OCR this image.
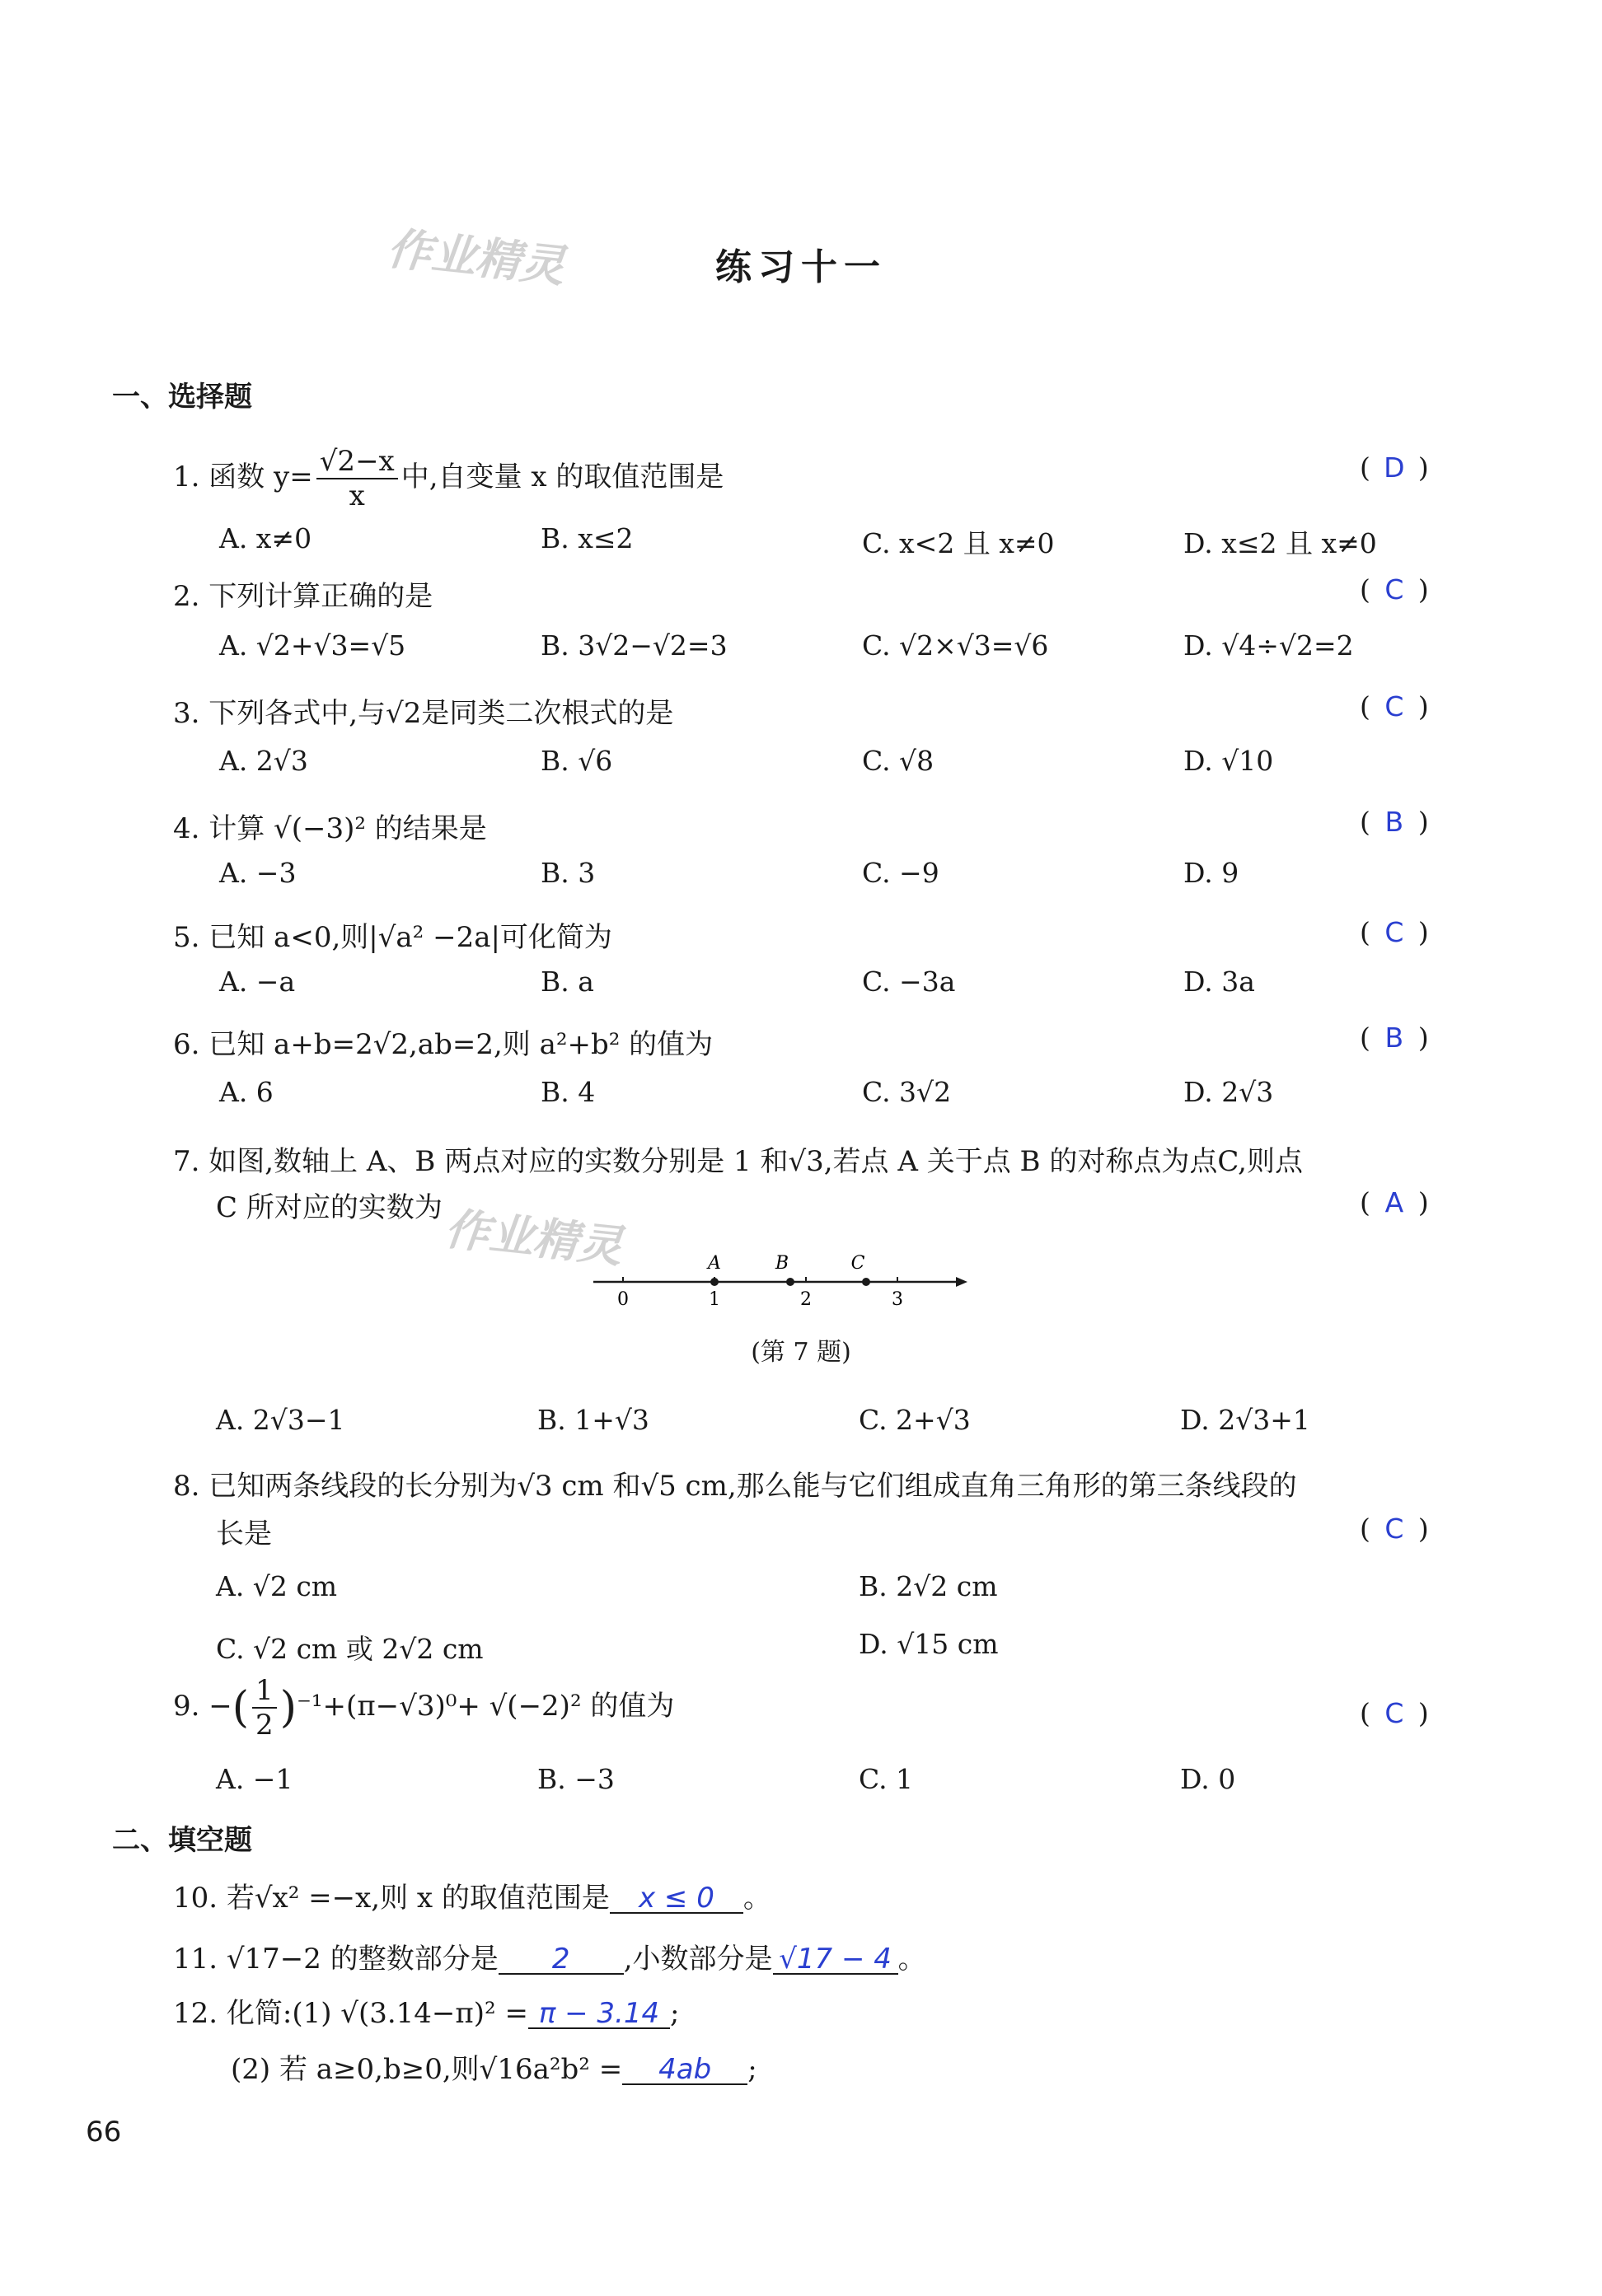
作业精灵
作业精灵
练习十一
一、选择题
1. 函数 $y= \frac{√2-x}{x}$ 中,自变量 x 的取值范围是	( D )
A. x≠0	B. x≤2	C. x<2 且 x≠0	D. x≤2 且 x≠0
2. 下列计算正确的是	( C )
A. √2+√3=√5	B. 3√2−√2=3	C. √2×√3=√6	D. √4÷√2=2
3. 下列各式中,与√2是同类二次根式的是	( C )
A. 2√3	B. √6	C. √8	D. √10
4. 计算 √(−3)² 的结果是	( B )
A. −3	B. 3	C. −9	D. 9
5. 已知 a<0,则|√a² −2a|可化简为	( C )
A. −a	B. a	C. −3a	D. 3a
6. 已知 a+b=2√2,ab=2,则 a²+b² 的值为	( B )
A. 6	B. 4	C. 3√2	D. 2√3
7. 如图,数轴上 A、B 两点对应的实数分别是 1 和√3,若点 A 关于点 B 的对称点为点C,则点
C 所对应的实数为	( A )
A	B	C
0	1	2	3
(第 7 题)
A. 2√3−1	B. 1+√3	C. 2+√3	D. 2√3+1
8. 已知两条线段的长分别为√3 cm 和√5 cm,那么能与它们组成直角三角形的第三条线段的
长是	( C )
A. √2 cm	B. 2√2 cm
C. √2 cm 或 2√2 cm	D. √15 cm
9. −( $\frac{1}{2} )^{-1}+(\pi-√3)^0+ √(-2)^2$ 的值为	( C )
A. −1	B. −3	C. 1	D. 0
二、填空题
10. 若√x² =−x,则 x 的取值范围是 x ≤ 0 。
11. √17−2 的整数部分是 2 ,小数部分是 √17 − 4 。
12. 化简:(1) √(3.14−π)² = π − 3.14 ;
(2) 若 a≥0,b≥0,则√16a²b² = 4ab ;
66
